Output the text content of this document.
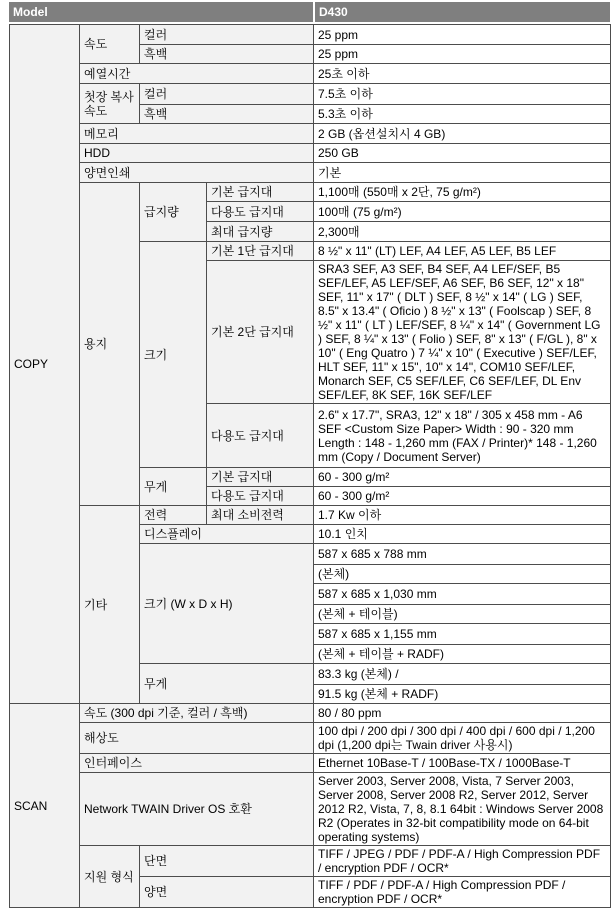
Model	D430
COPY	속도	컬러		25 ppm
		흑백		25 ppm
	예열시간			25초 이하
	첫장 복사 속도	컬러		7.5초 이하
		흑백		5.3초 이하
	메모리			2 GB (옵션설치시 4 GB)
	HDD			250 GB
	양면인쇄			기본
	용지	급지량	기본 급지대	1,100매 (550매 x 2단, 75 g/m²)
			다용도 급지대	100매 (75 g/m²)
			최대 급지량	2,300매
		크기	기본 1단 급지대	8 ½" x 11" (LT) LEF, A4 LEF, A5 LEF, B5 LEF
			기본 2단 급지대	SRA3 SEF, A3 SEF, B4 SEF, A4 LEF/SEF, B5 SEF/LEF, A5 LEF/SEF, A6 SEF, B6 SEF, 12" x 18" SEF, 11" x 17" ( DLT ) SEF, 8 ½" x 14" ( LG ) SEF, 8.5" x 13.4" ( Oficio ) 8 ½" x 13" ( Foolscap ) SEF, 8 ½" x 11" ( LT ) LEF/SEF, 8 ¼" x 14" ( Government LG ) SEF, 8 ¼" x 13" ( Folio ) SEF, 8" x 13" ( F/GL ), 8" x 10" ( Eng Quatro ) 7 ¼" x 10" ( Executive ) SEF/LEF, HLT SEF, 11" x 15", 10" x 14", COM10 SEF/LEF, Monarch SEF, C5 SEF/LEF, C6 SEF/LEF, DL Env SEF/LEF, 8K SEF, 16K SEF/LEF
			다용도 급지대	2.6" x 17.7", SRA3, 12" x 18" / 305 x 458 mm - A6 SEF <Custom Size Paper> Width : 90 - 320 mm Length : 148 - 1,260 mm (FAX / Printer)* 148 - 1,260 mm (Copy / Document Server)
		무게	기본 급지대	60 - 300 g/m²
			다용도 급지대	60 - 300 g/m²
	기타	전력	최대 소비전력	1.7 Kw 이하
		디스플레이		10.1 인치
		크기 (W x D x H)		587 x 685 x 788 mm
				(본체)
				587 x 685 x 1,030 mm
				(본체 + 테이블)
				587 x 685 x 1,155 mm
				(본체 + 테이블 + RADF)
		무게		83.3 kg (본체) /
				91.5 kg (본체 + RADF)
SCAN	속도 (300 dpi 기준, 컬러 / 흑백)			80 / 80 ppm
	해상도			100 dpi / 200 dpi / 300 dpi / 400 dpi / 600 dpi / 1,200 dpi (1,200 dpi는 Twain driver 사용시)
	인터페이스			Ethernet 10Base-T / 100Base-TX / 1000Base-T
	Network TWAIN Driver OS 호환			Server 2003, Server 2008, Vista, 7 Server 2003, Server 2008, Server 2008 R2, Server 2012, Server 2012 R2, Vista, 7, 8, 8.1 64bit : Windows Server 2008 R2 (Operates in 32-bit compatibility mode on 64-bit operating systems)
	지원 형식	단면		TIFF / JPEG / PDF / PDF-A / High Compression PDF / encryption PDF / OCR*
		양면		TIFF / PDF / PDF-A / High Compression PDF / encryption PDF / OCR*
